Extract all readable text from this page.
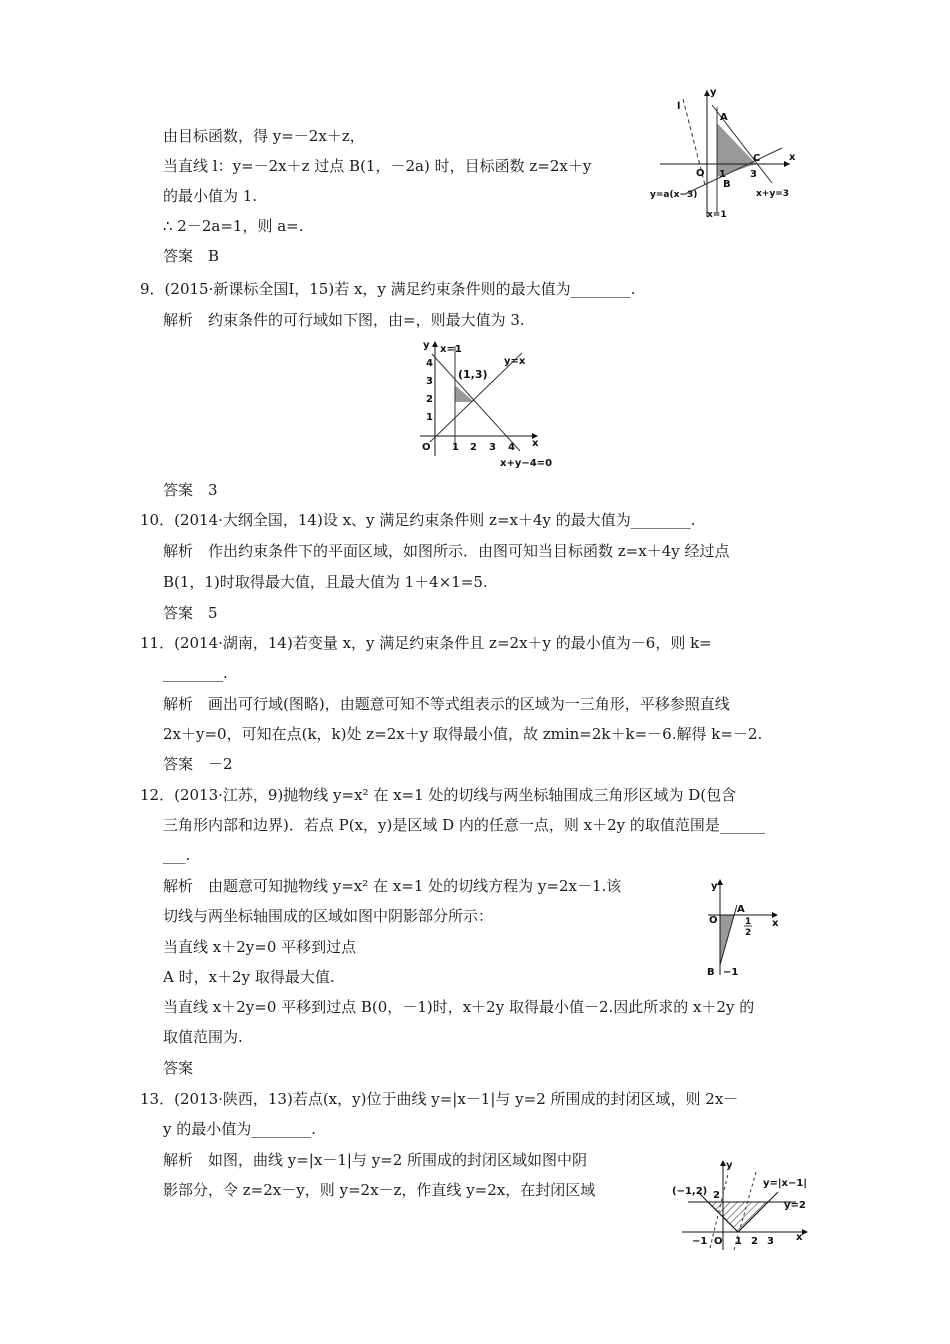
由目标函数，得 y=－2x＋z，
当直线 l：y=－2x＋z 过点 B(1，－2a) 时，目标函数 z=2x＋y
的最小值为 1.
∴ 2－2a=1，则 a=.
答案　B
y
x
l
A
O 1 3
B
C
y=a(x−3)	x+y=3
x=1
9．(2015·新课标全国Ⅰ，15)若 x，y 满足约束条件则的最大值为________.
解析　约束条件的可行域如下图，由=，则最大值为 3.
y x=1
y=x
(1,3)
O	x
1 2 3 4
1
2
3
4
x+y−4=0
答案　3
10．(2014·大纲全国，14)设 x、y 满足约束条件则 z=x＋4y 的最大值为________.
解析　作出约束条件下的平面区域，如图所示．由图可知当目标函数 z=x＋4y 经过点
B(1，1)时取得最大值，且最大值为 1＋4×1=5.
答案　5
11．(2014·湖南，14)若变量 x，y 满足约束条件且 z=2x＋y 的最小值为－6，则 k=
________.
解析　画出可行域(图略)，由题意可知不等式组表示的区域为一三角形，平移参照直线
2x＋y=0，可知在点(k，k)处 z=2x＋y 取得最小值，故 zmin=2k＋k=－6.解得 k=－2.
答案　－2
12．(2013·江苏，9)抛物线 y=x² 在 x=1 处的切线与两坐标轴围成三角形区域为 D(包含
三角形内部和边界)．若点 P(x，y)是区域 D 内的任意一点，则 x＋2y 的取值范围是______
___.
解析　由题意可知抛物线 y=x² 在 x=1 处的切线方程为 y=2x－1.该
切线与两坐标轴围成的区域如图中阴影部分所示：
当直线 x＋2y=0 平移到过点
A 时，x＋2y 取得最大值.
当直线 x＋2y=0 平移到过点 B(0，－1)时，x＋2y 取得最小值－2.因此所求的 x＋2y 的
取值范围为.
答案
y
O
A
x
1
2
B −1
13．(2013·陕西，13)若点(x，y)位于曲线 y=|x－1|与 y=2 所围成的封闭区域，则 2x－
y 的最小值为________.
解析　如图，曲线 y=|x－1|与 y=2 所围成的封闭区域如图中阴
影部分，令 z=2x－y，则 y=2x－z，作直线 y=2x，在封闭区域
y
(−1,2)
y=|x−1|
y=2
2
O
−1	1 2 3 x
